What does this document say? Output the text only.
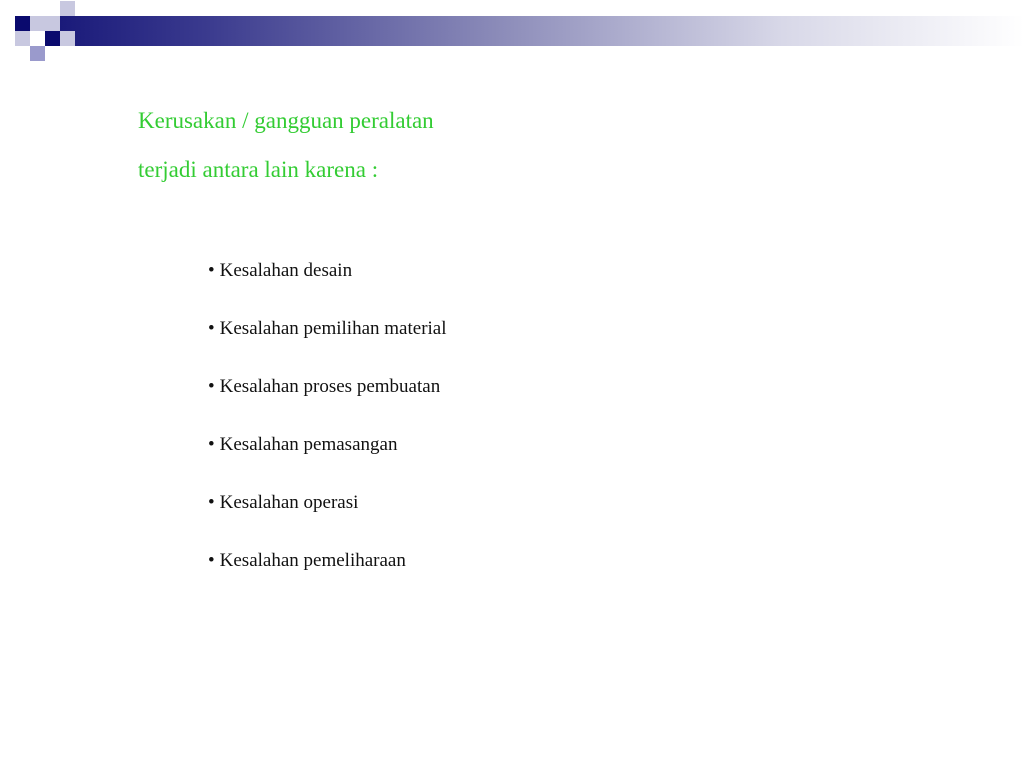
Kerusakan / gangguan peralatan
terjadi antara lain karena :
• Kesalahan desain
• Kesalahan pemilihan material
• Kesalahan proses pembuatan
• Kesalahan pemasangan
• Kesalahan operasi
• Kesalahan pemeliharaan
